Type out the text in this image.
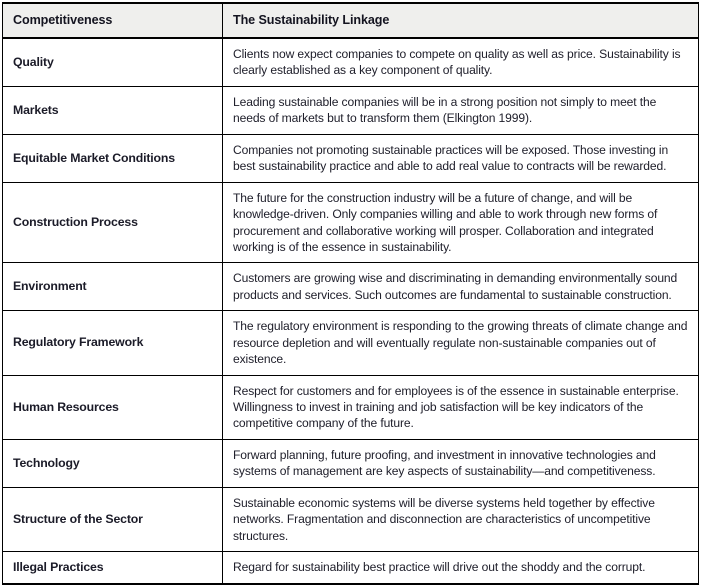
Competitiveness	The Sustainability Linkage
Quality	Clients now expect companies to compete on quality as well as price. Sustainability is clearly established as a key component of quality.
Markets	Leading sustainable companies will be in a strong position not simply to meet the needs of markets but to transform them (Elkington 1999).
Equitable Market Conditions	Companies not promoting sustainable practices will be exposed. Those investing in best sustainability practice and able to add real value to contracts will be rewarded.
Construction Process	The future for the construction industry will be a future of change, and will be knowledge-driven. Only companies willing and able to work through new forms of procurement and collaborative working will prosper. Collaboration and integrated working is of the essence in sustainability.
Environment	Customers are growing wise and discriminating in demanding environmentally sound products and services. Such outcomes are fundamental to sustainable construction.
Regulatory Framework	The regulatory environment is responding to the growing threats of climate change and resource depletion and will eventually regulate non-sustainable companies out of existence.
Human Resources	Respect for customers and for employees is of the essence in sustainable enterprise. Willingness to invest in training and job satisfaction will be key indicators of the competitive company of the future.
Technology	Forward planning, future proofing, and investment in innovative technologies and systems of management are key aspects of sustainability—and competitiveness.
Structure of the Sector	Sustainable economic systems will be diverse systems held together by effective networks. Fragmentation and disconnection are characteristics of uncompetitive structures.
Illegal Practices	Regard for sustainability best practice will drive out the shoddy and the corrupt.
